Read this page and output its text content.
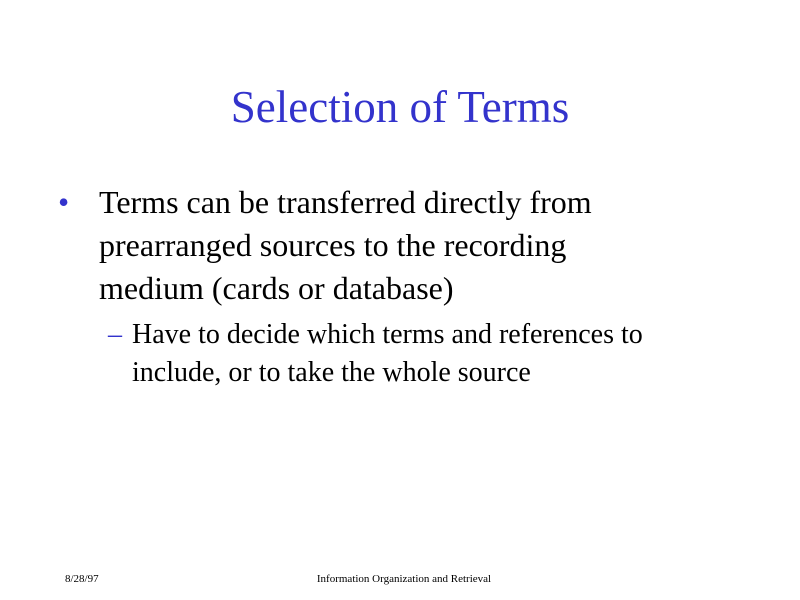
Selection of Terms
• Terms can be transferred directly from
prearranged sources to the recording
medium (cards or database)
– Have to decide which terms and references to
include, or to take the whole source
8/28/97	Information Organization and Retrieval
